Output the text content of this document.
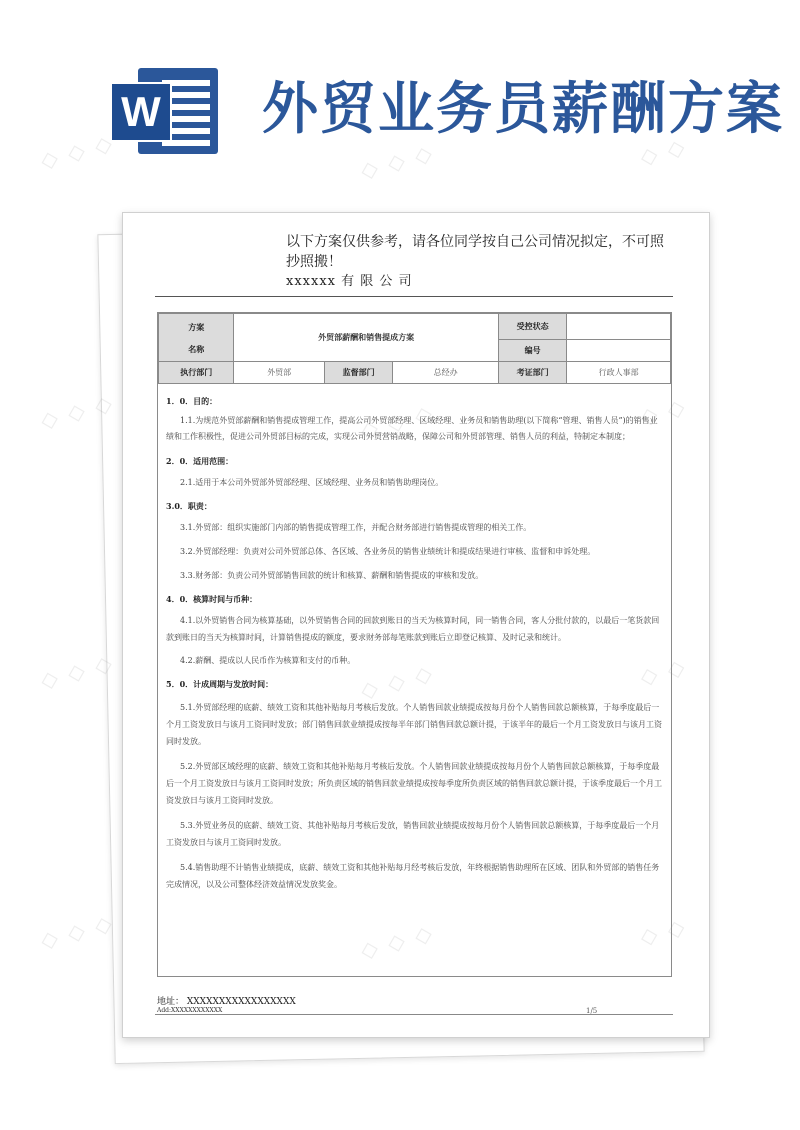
W 外贸业务员薪酬方案
以下方案仅供参考，请各位同学按自己公司情况拟定，不可照抄照搬！
xxxxxx 有 限 公 司
方案
名称	外贸部薪酬和销售提成方案			受控状态	
				编号	
执行部门	外贸部	监督部门	总经办	考证部门	行政人事部
1．0．目的：
1.1.为规范外贸部薪酬和销售提成管理工作，提高公司外贸部经理、区域经理、业务员和销售助理(以下简称“管理、销售人员”)的销售业绩和工作积极性，促进公司外贸部目标的完成，实现公司外贸营销战略，保障公司和外贸部管理、销售人员的利益，特制定本制度；
2．0．适用范围：
2.1.适用于本公司外贸部外贸部经理、区域经理、业务员和销售助理岗位。
3.0．职责：
3.1.外贸部：组织实施部门内部的销售提成管理工作，并配合财务部进行销售提成管理的相关工作。
3.2.外贸部经理：负责对公司外贸部总体、各区域、各业务员的销售业绩统计和提成结果进行审核、监督和申诉处理。
3.3.财务部：负责公司外贸部销售回款的统计和核算、薪酬和销售提成的审核和发放。
4．0．核算时间与币种：
4.1.以外贸销售合同为核算基础，以外贸销售合同的回款到账日的当天为核算时间，同一销售合同，客人分批付款的，以最后一笔货款回款到账日的当天为核算时间，计算销售提成的额度，要求财务部每笔账款到账后立即登记核算、及时记录和统计。
4.2.薪酬、提成以人民币作为核算和支付的币种。
5．0．计成周期与发放时间：
5.1.外贸部经理的底薪、绩效工资和其他补贴每月考核后发放。个人销售回款业绩提成按每月份个人销售回款总额核算，于每季度最后一个月工资发放日与该月工资同时发放；部门销售回款业绩提成按每半年部门销售回款总额计提，于该半年的最后一个月工资发放日与该月工资同时发放。
5.2.外贸部区域经理的底薪、绩效工资和其他补贴每月考核后发放。个人销售回款业绩提成按每月份个人销售回款总额核算，于每季度最后一个月工资发放日与该月工资同时发放；所负责区域的销售回款业绩提成按每季度所负责区域的销售回款总额计提，于该季度最后一个月工资发放日与该月工资同时发放。
5.3.外贸业务员的底薪、绩效工资、其他补贴每月考核后发放，销售回款业绩提成按每月份个人销售回款总额核算，于每季度最后一个月工资发放日与该月工资同时发放。
5.4.销售助理不计销售业绩提成，底薪、绩效工资和其他补贴每月经考核后发放，年终根据销售助理所在区域、团队和外贸部的销售任务完成情况，以及公司整体经济效益情况发放奖金。
地址： XXXXXXXXXXXXXXXXX
Add:XXXXXXXXXXXX	1/5
◇ ◇ ◇	◇ ◇ ◇	◇ ◇
◇ ◇ ◇
◇ ◇ ◇
◇ ◇ ◇
